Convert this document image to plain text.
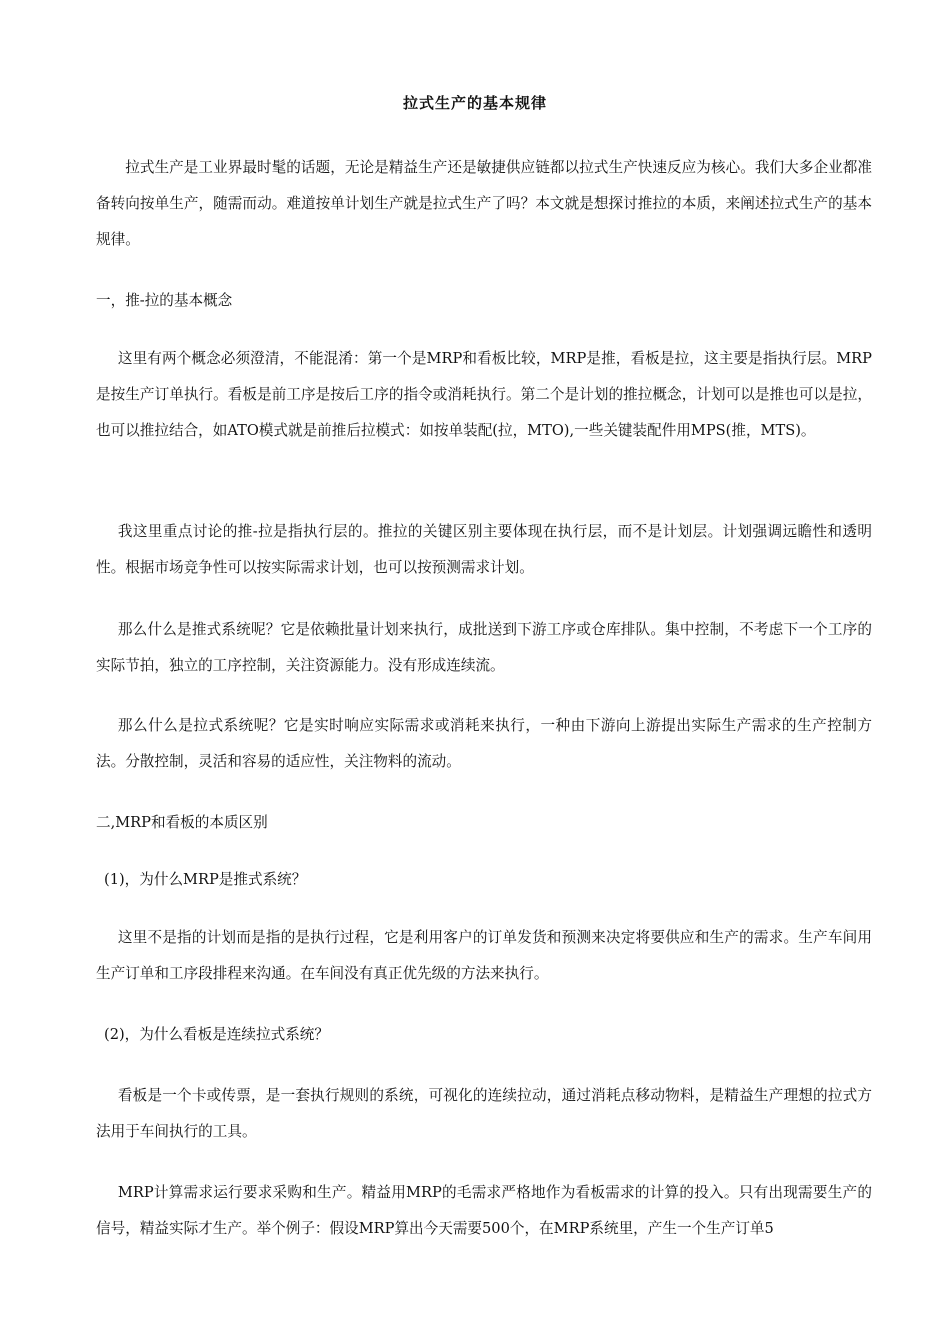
拉式生产的基本规律

拉式生产是工业界最时髦的话题，无论是精益生产还是敏捷供应链都以拉式生产快速反应为核心。我们大多企业都准备转向按单生产，随需而动。难道按单计划生产就是拉式生产了吗？本文就是想探讨推拉的本质，来阐述拉式生产的基本规律。

一，推-拉的基本概念

这里有两个概念必须澄清，不能混淆：第一个是MRP和看板比较，MRP是推，看板是拉，这主要是指执行层。MRP是按生产订单执行。看板是前工序是按后工序的指令或消耗执行。第二个是计划的推拉概念，计划可以是推也可以是拉，也可以推拉结合，如ATO模式就是前推后拉模式：如按单装配(拉，MTO),一些关键装配件用MPS(推，MTS)。

我这里重点讨论的推-拉是指执行层的。推拉的关键区别主要体现在执行层，而不是计划层。计划强调远瞻性和透明性。根据市场竞争性可以按实际需求计划，也可以按预测需求计划。

那么什么是推式系统呢？它是依赖批量计划来执行，成批送到下游工序或仓库排队。集中控制，不考虑下一个工序的实际节拍，独立的工序控制，关注资源能力。没有形成连续流。

那么什么是拉式系统呢？它是实时响应实际需求或消耗来执行，一种由下游向上游提出实际生产需求的生产控制方法。分散控制，灵活和容易的适应性，关注物料的流动。

二,MRP和看板的本质区别

(1)，为什么MRP是推式系统？

这里不是指的计划而是指的是执行过程，它是利用客户的订单发货和预测来决定将要供应和生产的需求。生产车间用生产订单和工序段排程来沟通。在车间没有真正优先级的方法来执行。

(2)，为什么看板是连续拉式系统？

看板是一个卡或传票，是一套执行规则的系统，可视化的连续拉动，通过消耗点移动物料，是精益生产理想的拉式方法用于车间执行的工具。

MRP计算需求运行要求采购和生产。精益用MRP的毛需求严格地作为看板需求的计算的投入。只有出现需要生产的信号，精益实际才生产。举个例子：假设MRP算出今天需要500个，在MRP系统里，产生一个生产订单5
